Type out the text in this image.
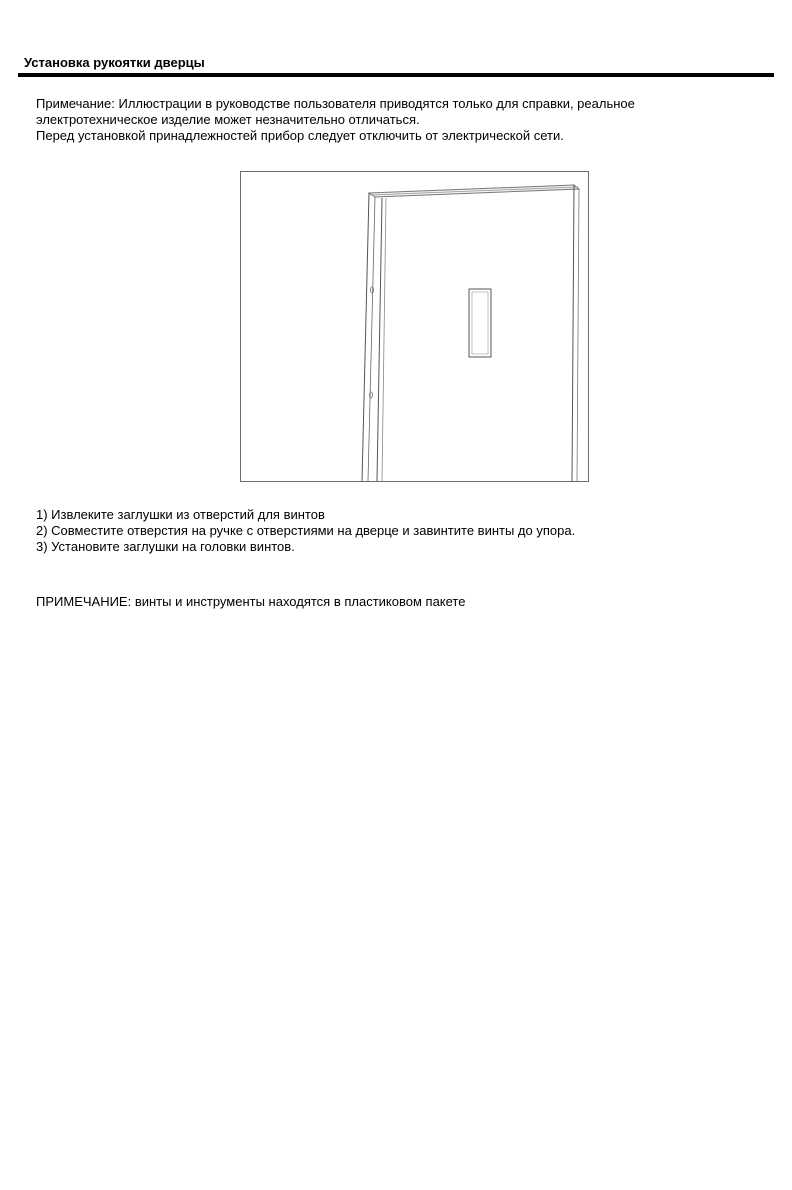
Установка рукоятки дверцы

Примечание: Иллюстрации в руководстве пользователя приводятся только для справки, реальное

электротехническое изделие может незначительно отличаться.

Перед установкой принадлежностей прибор следует отключить от электрической сети.

1) Извлеките заглушки из отверстий для винтов

2) Совместите отверстия на ручке с отверстиями на дверце и завинтите винты до упора.

3) Установите заглушки на головки винтов.

ПРИМЕЧАНИЕ: винты и инструменты находятся в пластиковом пакете
